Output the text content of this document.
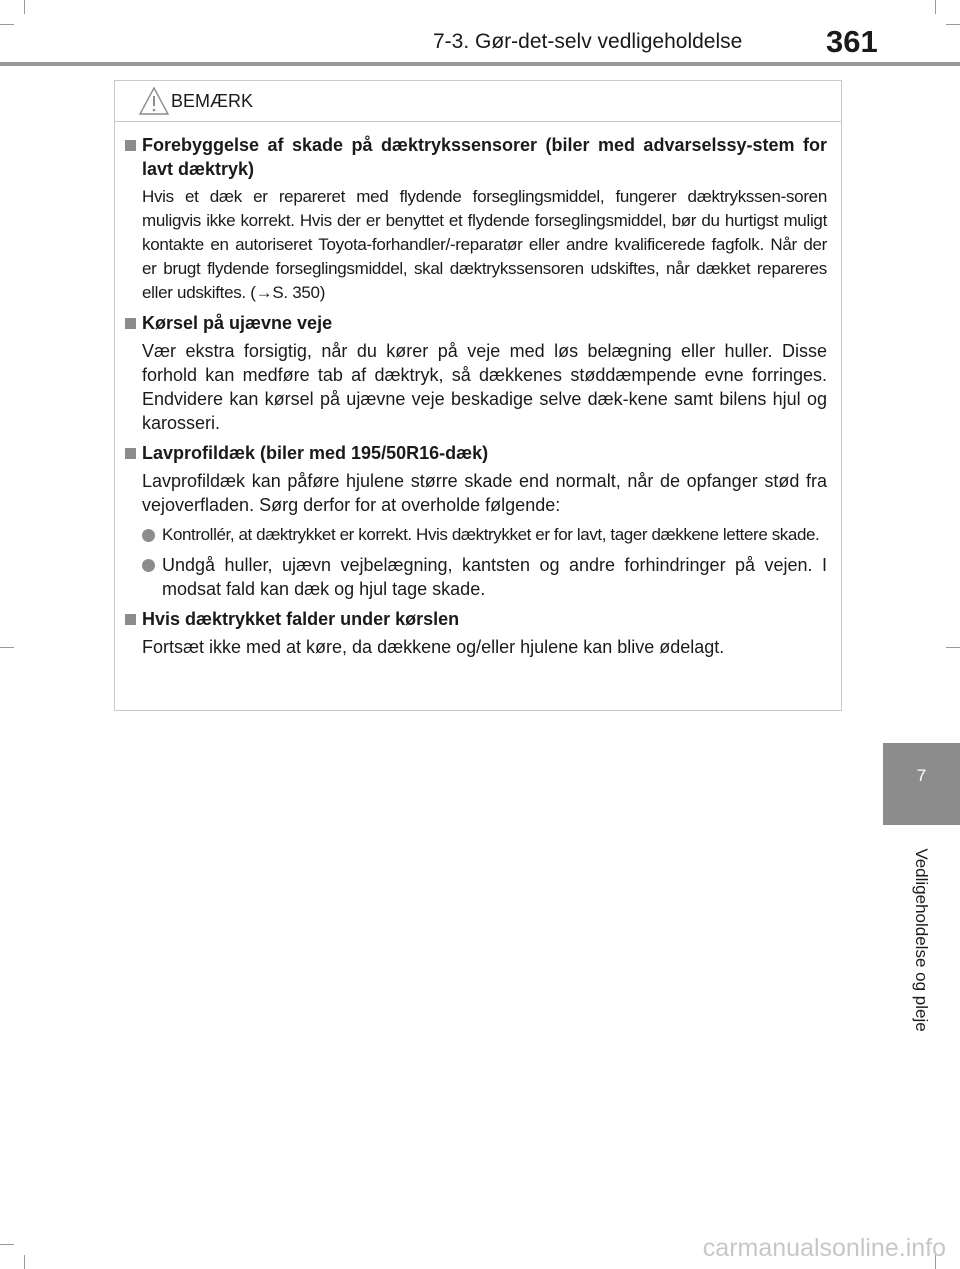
7-3. Gør-det-selv vedligeholdelse	361
7
Vedligeholdelse og pleje
BEMÆRK
Forebyggelse af skade på dæktrykssensorer (biler med advarselssy-stem for lavt dæktryk)
Hvis et dæk er repareret med flydende forseglingsmiddel, fungerer dæktrykssen-soren muligvis ikke korrekt. Hvis der er benyttet et flydende forseglingsmiddel, bør du hurtigst muligt kontakte en autoriseret Toyota-forhandler/-reparatør eller andre kvalificerede fagfolk. Når der er brugt flydende forseglingsmiddel, skal dæktrykssensoren udskiftes, når dækket repareres eller udskiftes. (→S. 350)
Kørsel på ujævne veje
Vær ekstra forsigtig, når du kører på veje med løs belægning eller huller. Disse forhold kan medføre tab af dæktryk, så dækkenes støddæmpende evne forringes. Endvidere kan kørsel på ujævne veje beskadige selve dæk-kene samt bilens hjul og karosseri.
Lavprofildæk (biler med 195/50R16-dæk)
Lavprofildæk kan påføre hjulene større skade end normalt, når de opfanger stød fra vejoverfladen. Sørg derfor for at overholde følgende:
Kontrollér, at dæktrykket er korrekt. Hvis dæktrykket er for lavt, tager dækkene lettere skade.
Undgå huller, ujævn vejbelægning, kantsten og andre forhindringer på vejen. I modsat fald kan dæk og hjul tage skade.
Hvis dæktrykket falder under kørslen
Fortsæt ikke med at køre, da dækkene og/eller hjulene kan blive ødelagt.
carmanualsonline.info
